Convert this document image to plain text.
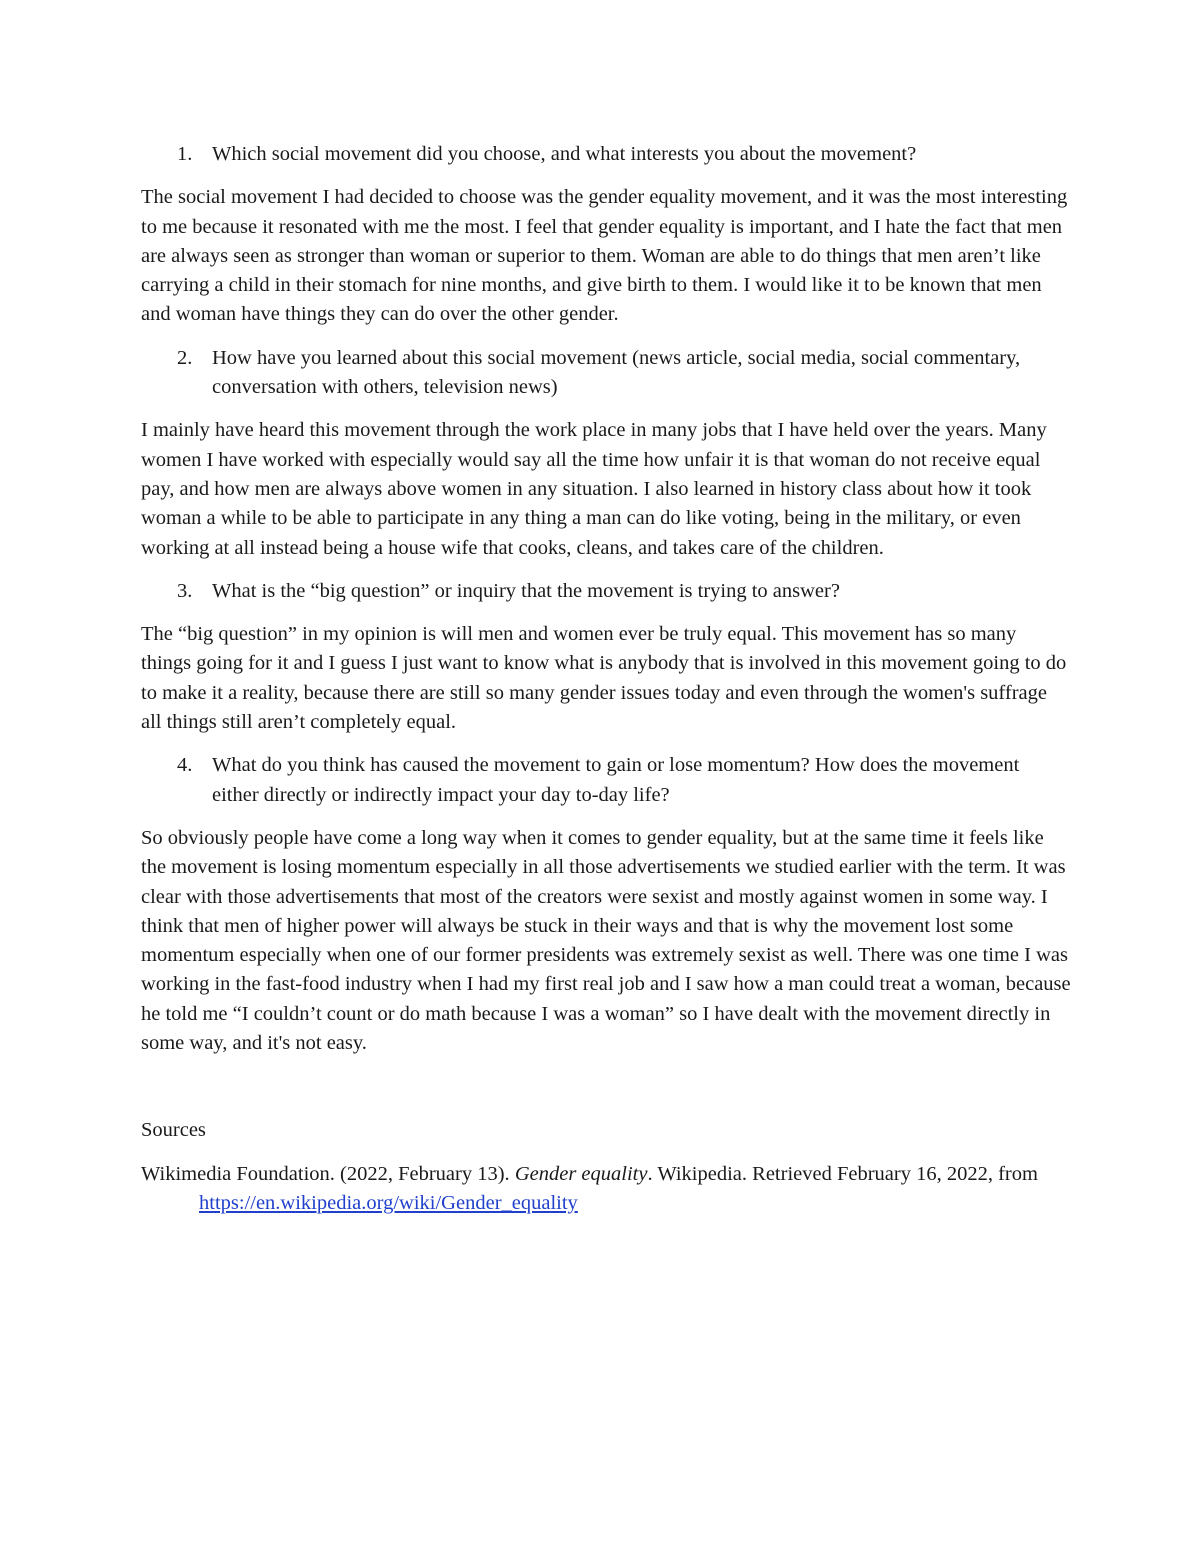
1. Which social movement did you choose, and what interests you about the movement?

The social movement I had decided to choose was the gender equality movement, and it was the most interesting to me because it resonated with me the most. I feel that gender equality is important, and I hate the fact that men are always seen as stronger than woman or superior to them. Woman are able to do things that men aren’t like carrying a child in their stomach for nine months, and give birth to them. I would like it to be known that men and woman have things they can do over the other gender.

2. How have you learned about this social movement (news article, social media, social commentary, conversation with others, television news)

I mainly have heard this movement through the work place in many jobs that I have held over the years. Many women I have worked with especially would say all the time how unfair it is that woman do not receive equal pay, and how men are always above women in any situation. I also learned in history class about how it took woman a while to be able to participate in any thing a man can do like voting, being in the military, or even working at all instead being a house wife that cooks, cleans, and takes care of the children.

3. What is the “big question” or inquiry that the movement is trying to answer?

The “big question” in my opinion is will men and women ever be truly equal. This movement has so many things going for it and I guess I just want to know what is anybody that is involved in this movement going to do to make it a reality, because there are still so many gender issues today and even through the women's suffrage all things still aren’t completely equal.

4. What do you think has caused the movement to gain or lose momentum? How does the movement either directly or indirectly impact your day to-day life?

So obviously people have come a long way when it comes to gender equality, but at the same time it feels like the movement is losing momentum especially in all those advertisements we studied earlier with the term. It was clear with those advertisements that most of the creators were sexist and mostly against women in some way. I think that men of higher power will always be stuck in their ways and that is why the movement lost some momentum especially when one of our former presidents was extremely sexist as well. There was one time I was working in the fast-food industry when I had my first real job and I saw how a man could treat a woman, because he told me “I couldn’t count or do math because I was a woman” so I have dealt with the movement directly in some way, and it's not easy.

Sources

Wikimedia Foundation. (2022, February 13). Gender equality. Wikipedia. Retrieved February 16, 2022, from https://en.wikipedia.org/wiki/Gender_equality
